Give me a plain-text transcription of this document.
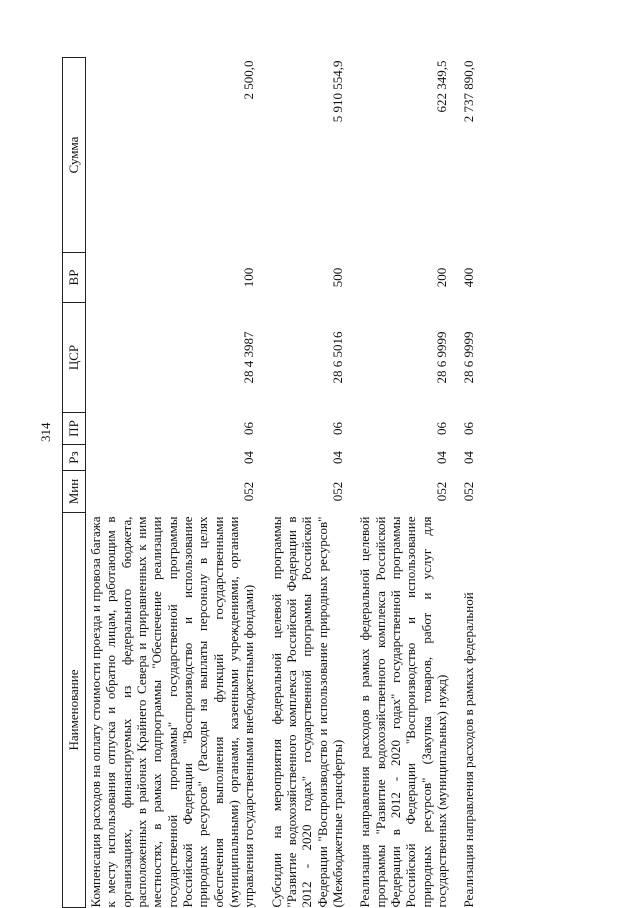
314
Наименование	Мин	Рз	ПР	ЦСР	ВР	Сумма
Компенсация расходов на оплату стоимости проезда и провоза багажа к месту использования отпуска и обратно лицам, работающим в организациях, финансируемых из федерального бюджета, расположенных в районах Крайнего Севера и приравненных к ним местностях, в рамках подпрограммы "Обеспечение реализации государственной программы" государственной программы Российской Федерации "Воспроизводство и использование природных ресурсов" (Расходы на выплаты персоналу в целях обеспечения выполнения функций государственными (муниципальными) органами, казенными учреждениями, органами управления государственными внебюджетными фондами)	052	04	06	28 4 3987	100	2 500,0
Субсидии на мероприятия федеральной целевой программы "Развитие водохозяйственного комплекса Российской Федерации в 2012 - 2020 годах" государственной программы Российской Федерации "Воспроизводство и использование природных ресурсов" (Межбюджетные трансферты)	052	04	06	28 6 5016	500	5 910 554,9
Реализация направления расходов в рамках федеральной целевой программы "Развитие водохозяйственного комплекса Российской Федерации в 2012 - 2020 годах" государственной программы Российской Федерации "Воспроизводство и использование природных ресурсов" (Закупка товаров, работ и услуг для государственных (муниципальных) нужд)	052	04	06	28 6 9999	200	622 349,5
Реализация направления расходов в рамках федеральной	052	04	06	28 6 9999	400	2 737 890,0
